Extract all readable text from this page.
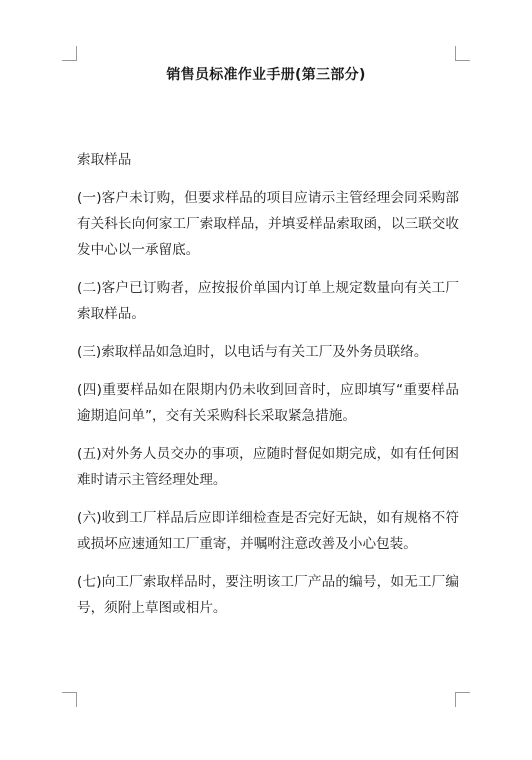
销售员标准作业手册(第三部分)
索取样品
(一)客户未订购，但要求样品的项目应请示主管经理会同采购部有关科长向何家工厂索取样品，并填妥样品索取函，以三联交收发中心以一承留底。
(二)客户已订购者，应按报价单国内订单上规定数量向有关工厂索取样品。
(三)索取样品如急迫时，以电话与有关工厂及外务员联络。
(四)重要样品如在限期内仍未收到回音时，应即填写“重要样品逾期追问单”，交有关采购科长采取紧急措施。
(五)对外务人员交办的事项，应随时督促如期完成，如有任何困难时请示主管经理处理。
(六)收到工厂样品后应即详细检查是否完好无缺，如有规格不符或损坏应速通知工厂重寄，并嘱咐注意改善及小心包装。
(七)向工厂索取样品时，要注明该工厂产品的编号，如无工厂编号，须附上草图或相片。
